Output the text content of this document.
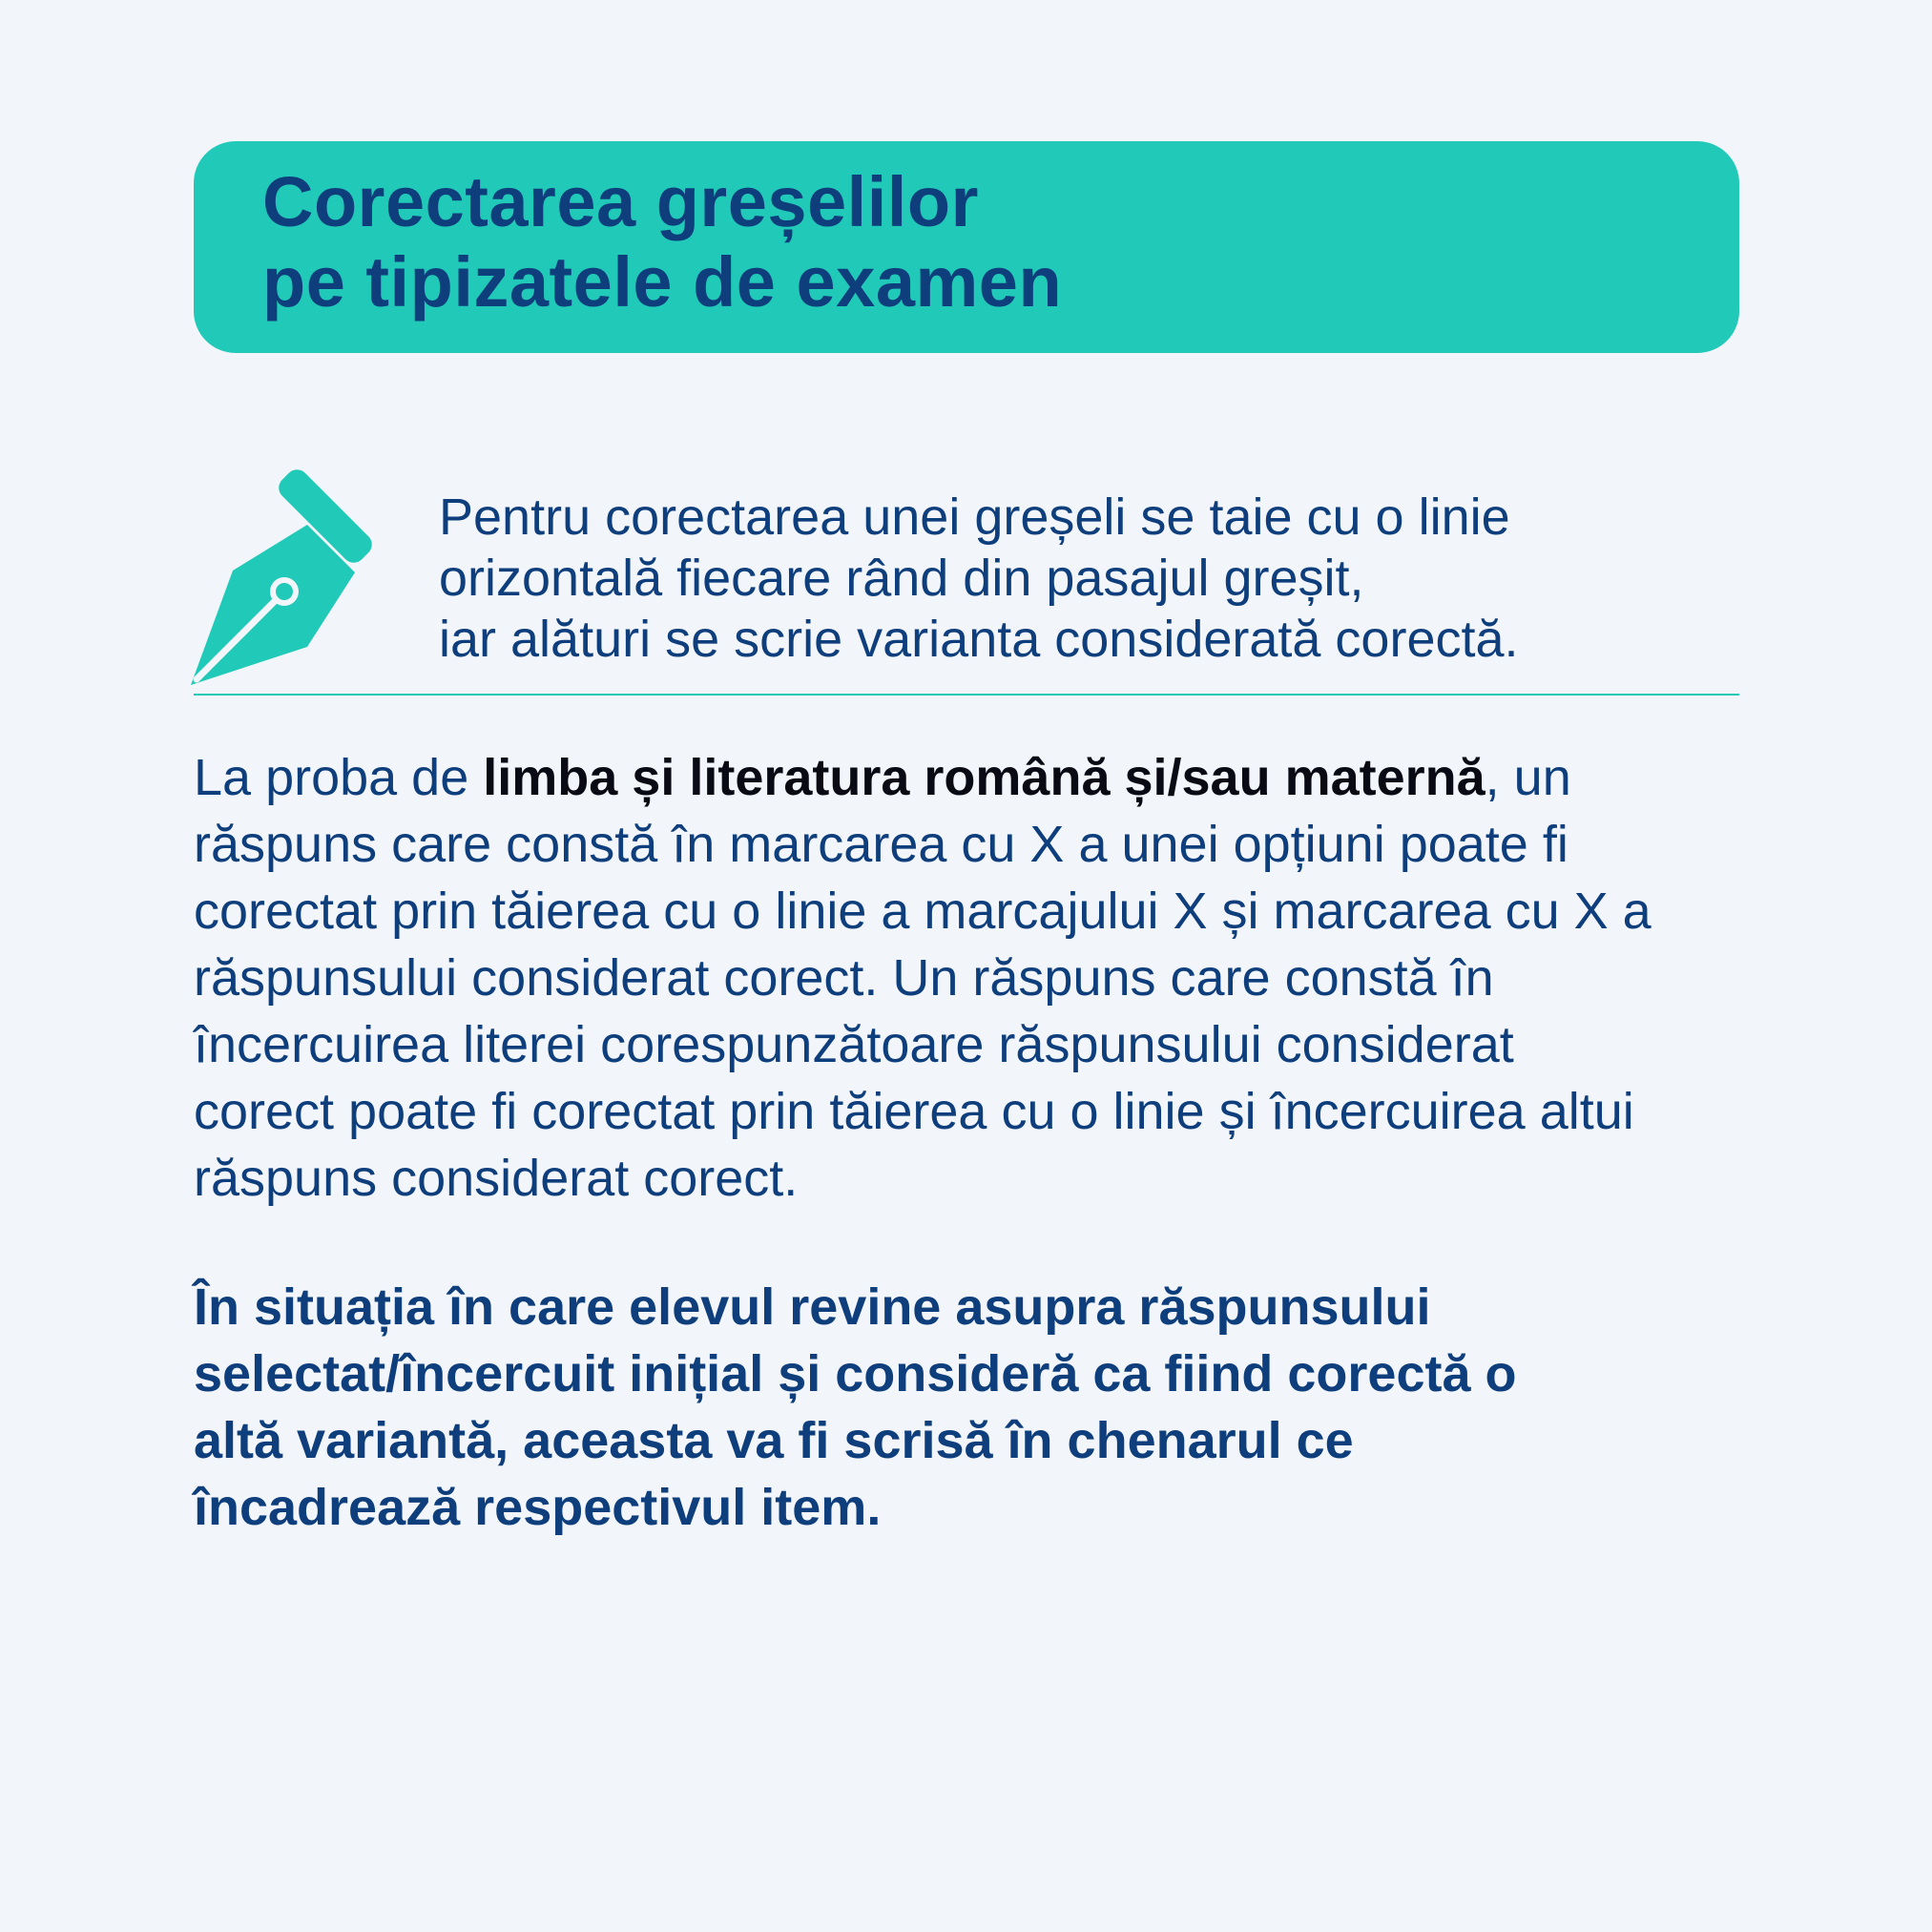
Corectarea greșelilor
pe tipizatele de examen
Pentru corectarea unei greșeli se taie cu o linie
orizontală fiecare rând din pasajul greșit,
iar alături se scrie varianta considerată corectă.
La proba de limba și literatura română și/sau maternă, un
răspuns care constă în marcarea cu X a unei opțiuni poate fi
corectat prin tăierea cu o linie a marcajului X și marcarea cu X a
răspunsului considerat corect. Un răspuns care constă în
încercuirea literei corespunzătoare răspunsului considerat
corect poate fi corectat prin tăierea cu o linie și încercuirea altui
răspuns considerat corect.
În situația în care elevul revine asupra răspunsului
selectat/încercuit inițial și consideră ca fiind corectă o
altă variantă, aceasta va fi scrisă în chenarul ce
încadrează respectivul item.
